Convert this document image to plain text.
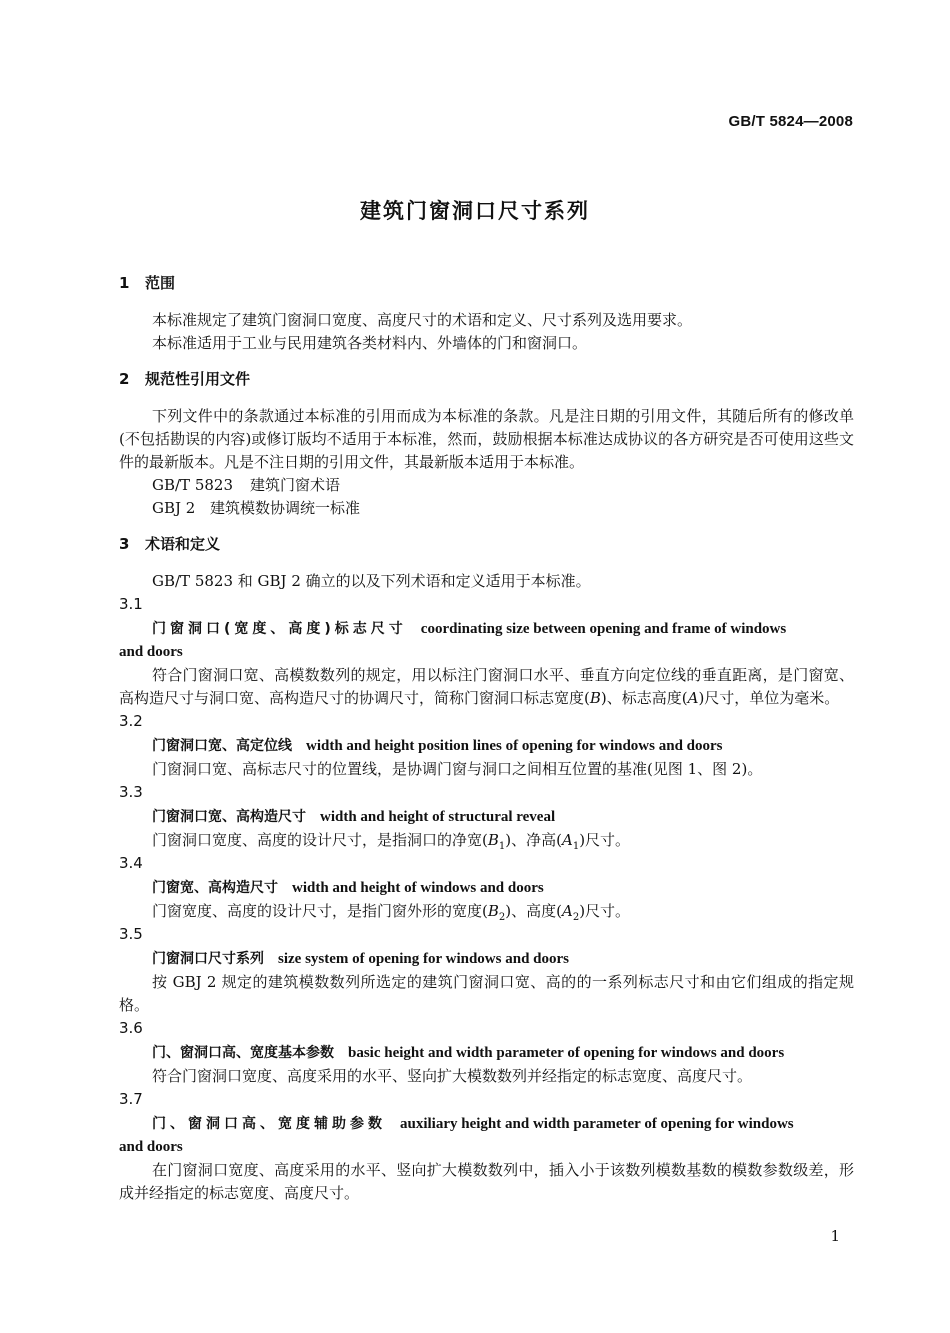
GB/T 5824—2008
建筑门窗洞口尺寸系列
1 范围

本标准规定了建筑门窗洞口宽度、高度尺寸的术语和定义、尺寸系列及选用要求。

本标准适用于工业与民用建筑各类材料内、外墙体的门和窗洞口。

2 规范性引用文件

下列文件中的条款通过本标准的引用而成为本标准的条款。凡是注日期的引用文件，其随后所有的修改单(不包括勘误的内容)或修订版均不适用于本标准，然而，鼓励根据本标准达成协议的各方研究是否可使用这些文件的最新版本。凡是不注日期的引用文件，其最新版本适用于本标准。

GB/T 5823 建筑门窗术语

GBJ 2 建筑模数协调统一标准

3 术语和定义

GB/T 5823 和 GBJ 2 确立的以及下列术语和定义适用于本标准。

3.1

门窗洞口(宽度、高度)标志尺寸 coordinating size between opening and frame of windows

and doors

符合门窗洞口宽、高模数数列的规定，用以标注门窗洞口水平、垂直方向定位线的垂直距离，是门窗宽、高构造尺寸与洞口宽、高构造尺寸的协调尺寸，简称门窗洞口标志宽度(B)、标志高度(A)尺寸，单位为毫米。

3.2

门窗洞口宽、高定位线 width and height position lines of opening for windows and doors

门窗洞口宽、高标志尺寸的位置线，是协调门窗与洞口之间相互位置的基准(见图 1、图 2)。

3.3

门窗洞口宽、高构造尺寸 width and height of structural reveal

门窗洞口宽度、高度的设计尺寸，是指洞口的净宽$(B_1)$、净高$(A_1)$尺寸。

3.4

门窗宽、高构造尺寸 width and height of windows and doors

门窗宽度、高度的设计尺寸，是指门窗外形的宽度$(B_2)$、高度$(A_2)$尺寸。

3.5

门窗洞口尺寸系列 size system of opening for windows and doors

按 GBJ 2 规定的建筑模数数列所选定的建筑门窗洞口宽、高的的一系列标志尺寸和由它们组成的指定规格。

3.6

门、窗洞口高、宽度基本参数 basic height and width parameter of opening for windows and doors

符合门窗洞口宽度、高度采用的水平、竖向扩大模数数列并经指定的标志宽度、高度尺寸。

3.7

门、窗洞口高、宽度辅助参数 auxiliary height and width parameter of opening for windows

and doors

在门窗洞口宽度、高度采用的水平、竖向扩大模数数列中，插入小于该数列模数基数的模数参数级差，形成并经指定的标志宽度、高度尺寸。

1
